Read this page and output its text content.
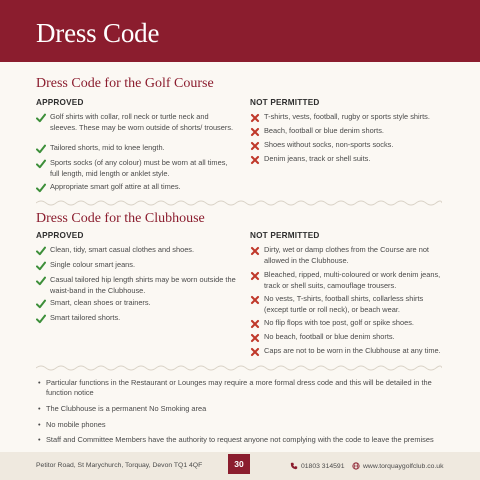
Dress Code
Dress Code for the Golf Course
APPROVED	NOT PERMITTED
Golf shirts with collar, roll neck or turtle neck and sleeves. These may be worn outside of shorts/ trousers.
Tailored shorts, mid to knee length.
Sports socks (of any colour) must be worn at all times, full length, mid length or anklet style.
Appropriate smart golf attire at all times.
T-shirts, vests, football, rugby or sports style shirts.
Beach, football or blue denim shorts.
Shoes without socks, non-sports socks.
Denim jeans, track or shell suits.
Dress Code for the Clubhouse
APPROVED	NOT PERMITTED
Clean, tidy, smart casual clothes and shoes.
Single colour smart jeans.
Casual tailored hip length shirts may be worn outside the waist-band in the Clubhouse.
Smart, clean shoes or trainers.
Smart tailored shorts.
Dirty, wet or damp clothes from the Course are not allowed in the Clubhouse.
Bleached, ripped, multi-coloured or work denim jeans, track or shell suits, camouflage trousers.
No vests, T-shirts, football shirts, collarless shirts (except turtle or roll neck), or beach wear.
No flip flops with toe post, golf or spike shoes.
No beach, football or blue denim shorts.
Caps are not to be worn in the Clubhouse at any time.
• Particular functions in the Restaurant or Lounges may require a more formal dress code and this will be detailed in the function notice
• The Clubhouse is a permanent No Smoking area
• No mobile phones
• Staff and Committee Members have the authority to request anyone not complying with the code to leave the premises
Petitor Road, St Marychurch, Torquay, Devon TQ1 4QF	30	01803 314591	www.torquaygolfclub.co.uk
